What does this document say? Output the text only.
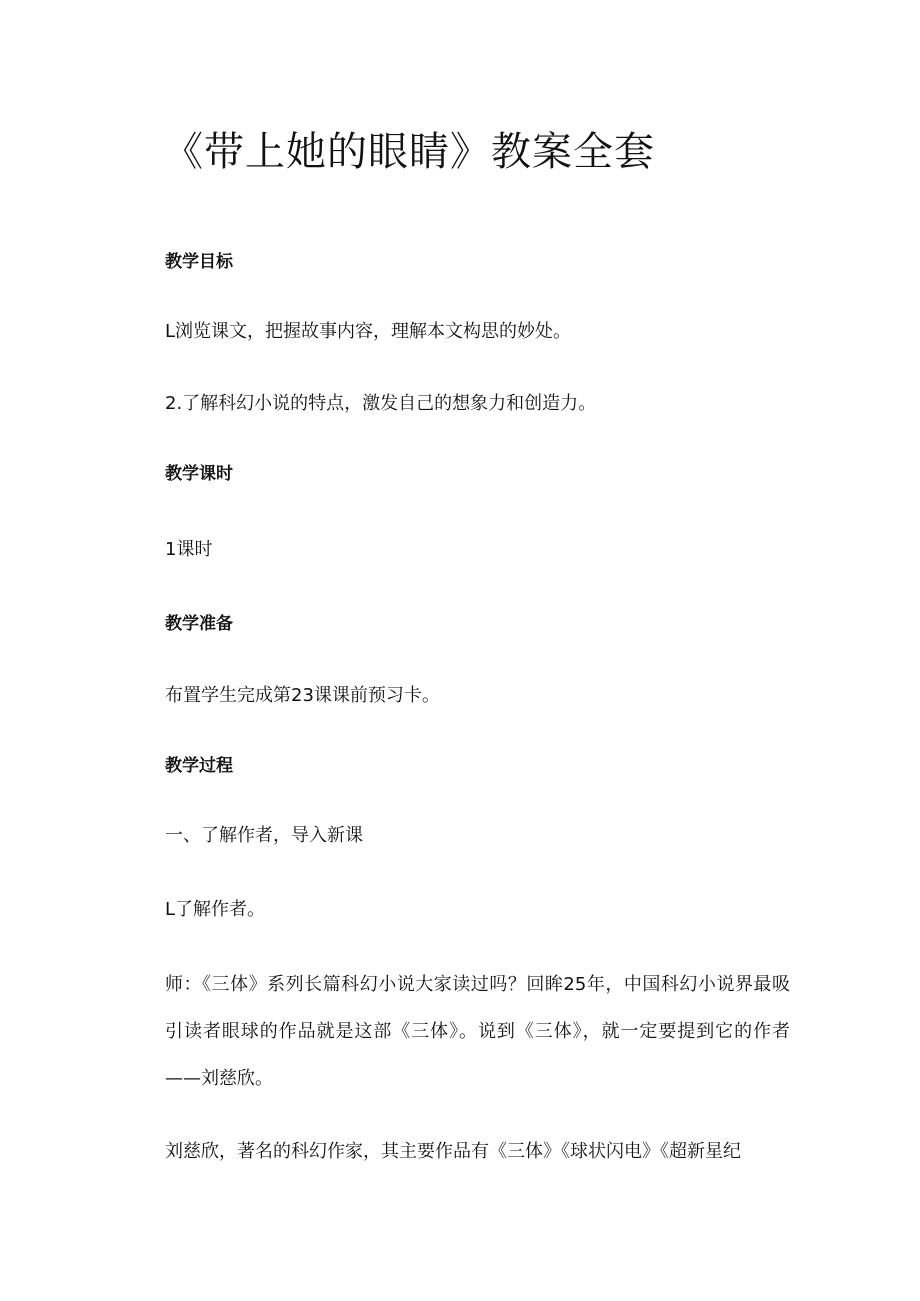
《带上她的眼睛》教案全套

教学目标

L浏览课文，把握故事内容，理解本文构思的妙处。

2.了解科幻小说的特点，激发自己的想象力和创造力。

教学课时

1课时

教学准备

布置学生完成第23课课前预习卡。

教学过程

一、了解作者，导入新课

L了解作者。

师：《三体》系列长篇科幻小说大家读过吗？回眸25年，中国科幻小说界最吸引读者眼球的作品就是这部《三体》。说到《三体》，就一定要提到它的作者——刘慈欣。

刘慈欣，著名的科幻作家，其主要作品有《三体》《球状闪电》《超新星纪
